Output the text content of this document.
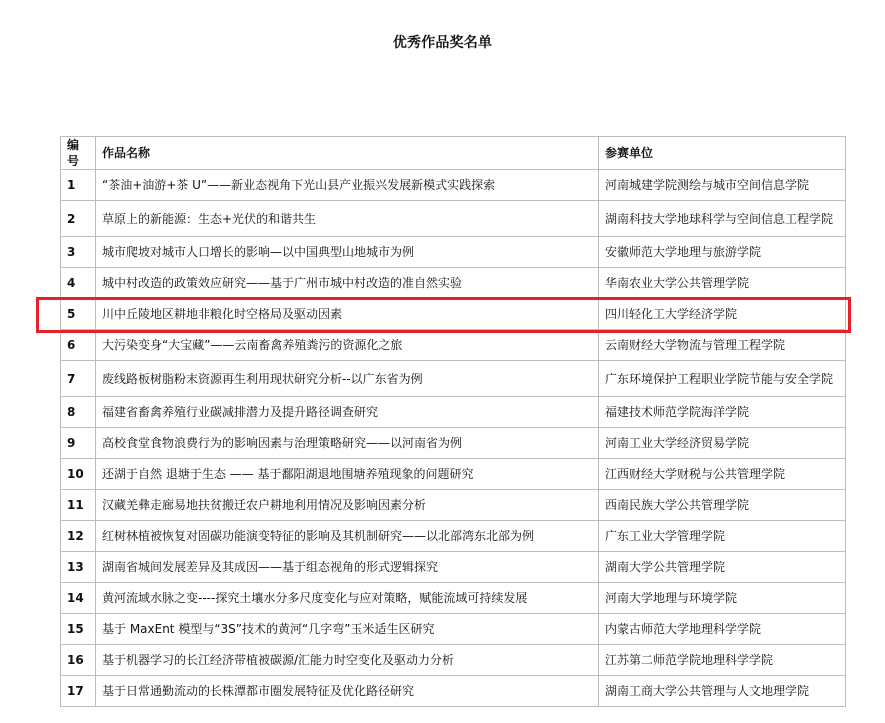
优秀作品奖名单
编号	作品名称	参赛单位
1	“茶油+油游+茶 U”——新业态视角下光山县产业振兴发展新模式实践探索	河南城建学院测绘与城市空间信息学院
2	草原上的新能源：生态+光伏的和谐共生	湖南科技大学地球科学与空间信息工程学院
3	城市爬坡对城市人口增长的影响—以中国典型山地城市为例	安徽师范大学地理与旅游学院
4	城中村改造的政策效应研究——基于广州市城中村改造的准自然实验	华南农业大学公共管理学院
5	川中丘陵地区耕地非粮化时空格局及驱动因素	四川轻化工大学经济学院
6	大污染变身“大宝藏”——云南畜禽养殖粪污的资源化之旅	云南财经大学物流与管理工程学院
7	废线路板树脂粉末资源再生利用现状研究分析--以广东省为例	广东环境保护工程职业学院节能与安全学院
8	福建省畜禽养殖行业碳减排潜力及提升路径调查研究	福建技术师范学院海洋学院
9	高校食堂食物浪费行为的影响因素与治理策略研究——以河南省为例	河南工业大学经济贸易学院
10	还湖于自然 退塘于生态 —— 基于鄱阳湖退地围塘养殖现象的问题研究	江西财经大学财税与公共管理学院
11	汉藏羌彝走廊易地扶贫搬迁农户耕地利用情况及影响因素分析	西南民族大学公共管理学院
12	红树林植被恢复对固碳功能演变特征的影响及其机制研究——以北部湾东北部为例	广东工业大学管理学院
13	湖南省城间发展差异及其成因——基于组态视角的形式逻辑探究	湖南大学公共管理学院
14	黄河流域水脉之变----探究土壤水分多尺度变化与应对策略，赋能流域可持续发展	河南大学地理与环境学院
15	基于 MaxEnt 模型与“3S”技术的黄河“几字弯”玉米适生区研究	内蒙古师范大学地理科学学院
16	基于机器学习的长江经济带植被碳源/汇能力时空变化及驱动力分析	江苏第二师范学院地理科学学院
17	基于日常通勤流动的长株潭都市圈发展特征及优化路径研究	湖南工商大学公共管理与人文地理学院
